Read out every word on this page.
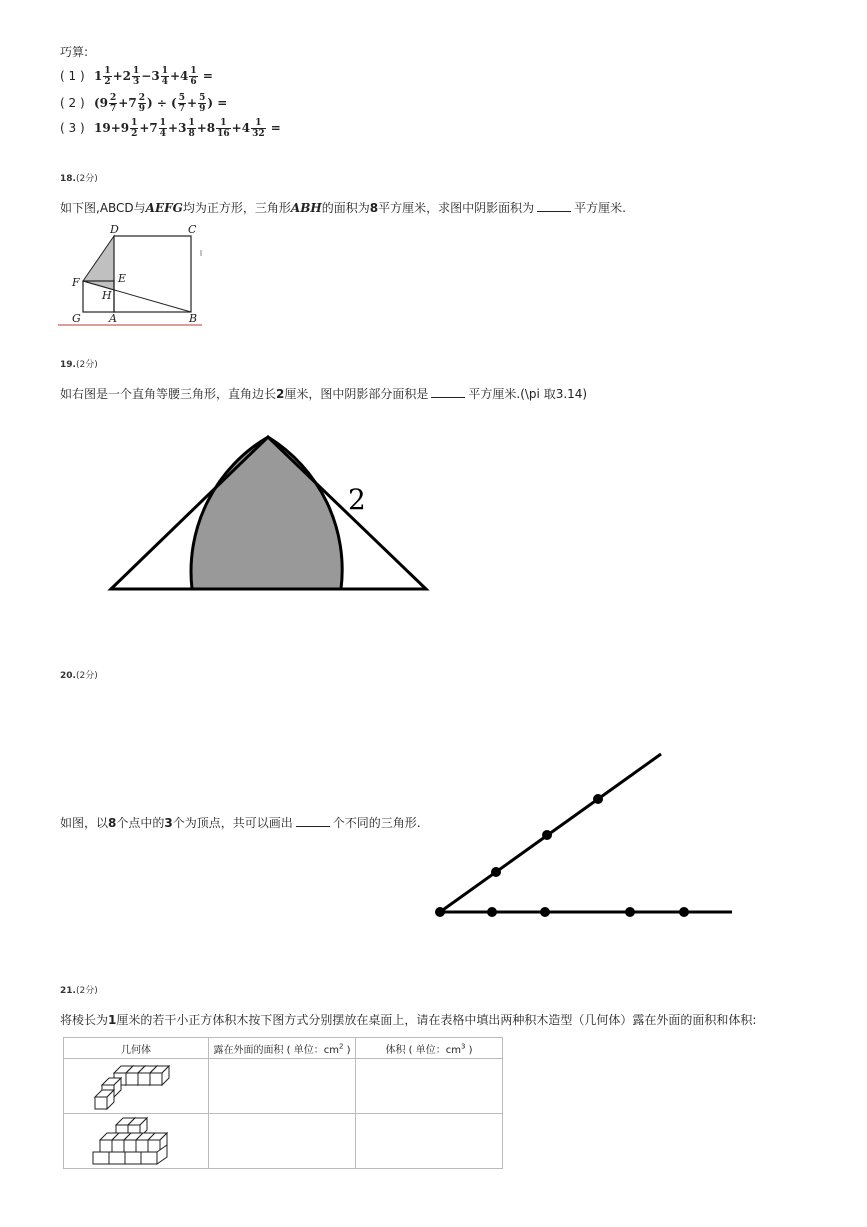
巧算:
( 1 ) $1 \frac{1}{2} +2 \frac{1}{3} -3 \frac{1}{4} +4 \frac{1}{6}$ =
( 2 ) ($9 \frac{2}{7} +7 \frac{2}{9}$ ) ÷ ( $\frac{5}{7} + \frac{5}{9}$ ) =
( 3 ) $19+9 \frac{1}{2} +7 \frac{1}{4} +3 \frac{1}{8} +8 \frac{1}{16} +4 \frac{1}{32}$ =
18.(2分)
如下图,ABCD与AEFG均为正方形，三角形ABH的面积为8平方厘米，求图中阴影面积为	平方厘米.
D	C
F	E
H
G	A	B
19.(2分)
如右图是一个直角等腰三角形，直角边长2厘米，图中阴影部分面积是	平方厘米.(\pi 取3.14)
2
20.(2分)
如图，以8个点中的3个为顶点，共可以画出	个不同的三角形.
21.(2分)
将棱长为1厘米的若干小正方体积木按下图方式分别摆放在桌面上，请在表格中填出两种积木造型（几何体）露在外面的面积和体积:
几何体	露在外面的面积 ( 单位：$cm^2$ )	体积 ( 单位：$cm^3$ )
